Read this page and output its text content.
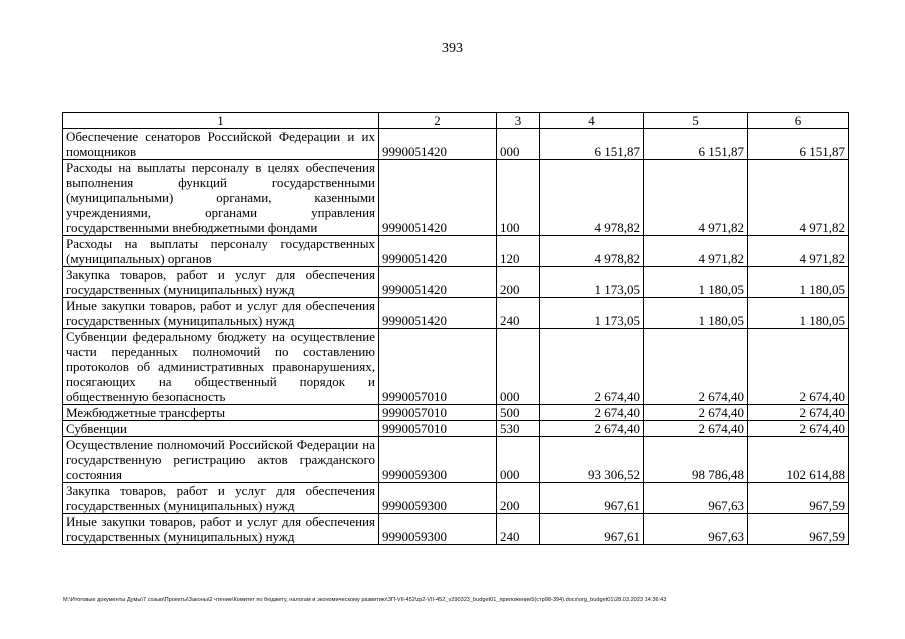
393
1	2	3	4	5	6
Обеспечение сенаторов Российской Федерации и их помощников	9990051420	000	6 151,87	6 151,87	6 151,87
Расходы на выплаты персоналу в целях обеспечения выполнения функций государственными (муниципальными) органами, казенными учреждениями, органами управления государственными внебюджетными фондами	9990051420	100	4 978,82	4 971,82	4 971,82
Расходы на выплаты персоналу государственных (муниципальных) органов	9990051420	120	4 978,82	4 971,82	4 971,82
Закупка товаров, работ и услуг для обеспечения государственных (муниципальных) нужд	9990051420	200	1 173,05	1 180,05	1 180,05
Иные закупки товаров, работ и услуг для обеспечения государственных (муниципальных) нужд	9990051420	240	1 173,05	1 180,05	1 180,05
Субвенции федеральному бюджету на осуществление части переданных полномочий по составлению протоколов об административных правонарушениях, посягающих на общественный порядок и общественную безопасность	9990057010	000	2 674,40	2 674,40	2 674,40
Межбюджетные трансферты	9990057010	500	2 674,40	2 674,40	2 674,40
Субвенции	9990057010	530	2 674,40	2 674,40	2 674,40
Осуществление полномочий Российской Федерации на государственную регистрацию актов гражданского состояния	9990059300	000	93 306,52	98 786,48	102 614,88
Закупка товаров, работ и услуг для обеспечения государственных (муниципальных) нужд	9990059300	200	967,61	967,63	967,59
Иные закупки товаров, работ и услуг для обеспечения государственных (муниципальных) нужд	9990059300	240	967,61	967,63	967,59
M:\Итоговые документы Думы\7 созыв\Проекты\Законы\2 чтение\Комитет по бюджету, налогам и экономическому развитию\ЗП-VII-452\zp2-VII-452_v290323_budget01_приложение5(стр98-394).docx\org_budget01\28.03.2023 14:36:43
